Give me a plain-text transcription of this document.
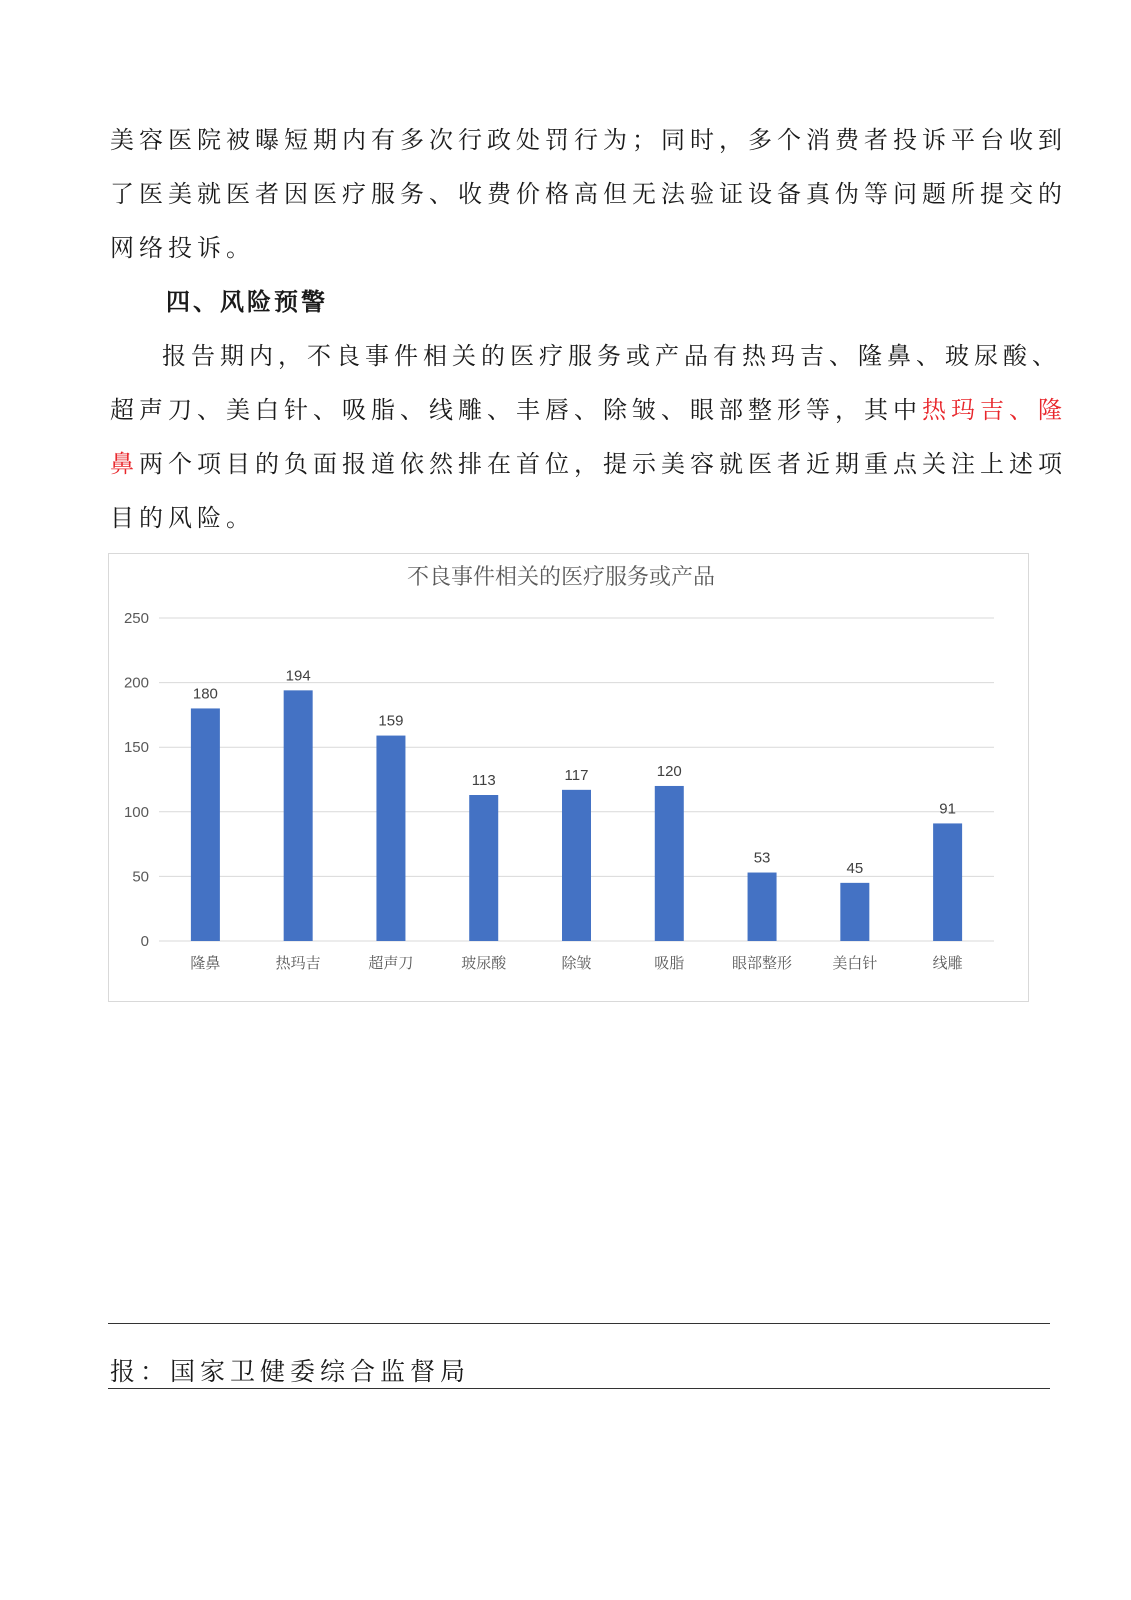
美容医院被曝短期内有多次行政处罚行为；同时，多个消费者投诉平台收到
了医美就医者因医疗服务、收费价格高但无法验证设备真伪等问题所提交的
网络投诉。
四、风险预警
报告期内，不良事件相关的医疗服务或产品有热玛吉、隆鼻、玻尿酸、
超声刀、美白针、吸脂、线雕、丰唇、除皱、眼部整形等，其中热玛吉、隆
鼻两个项目的负面报道依然排在首位，提示美容就医者近期重点关注上述项
目的风险。
不良事件相关的医疗服务或产品
0
50
100
150
200
250
180
隆鼻
194
热玛吉
159
超声刀
113
玻尿酸
117
除皱
120
吸脂
53
眼部整形
45
美白针
91
线雕
报：国家卫健委综合监督局
